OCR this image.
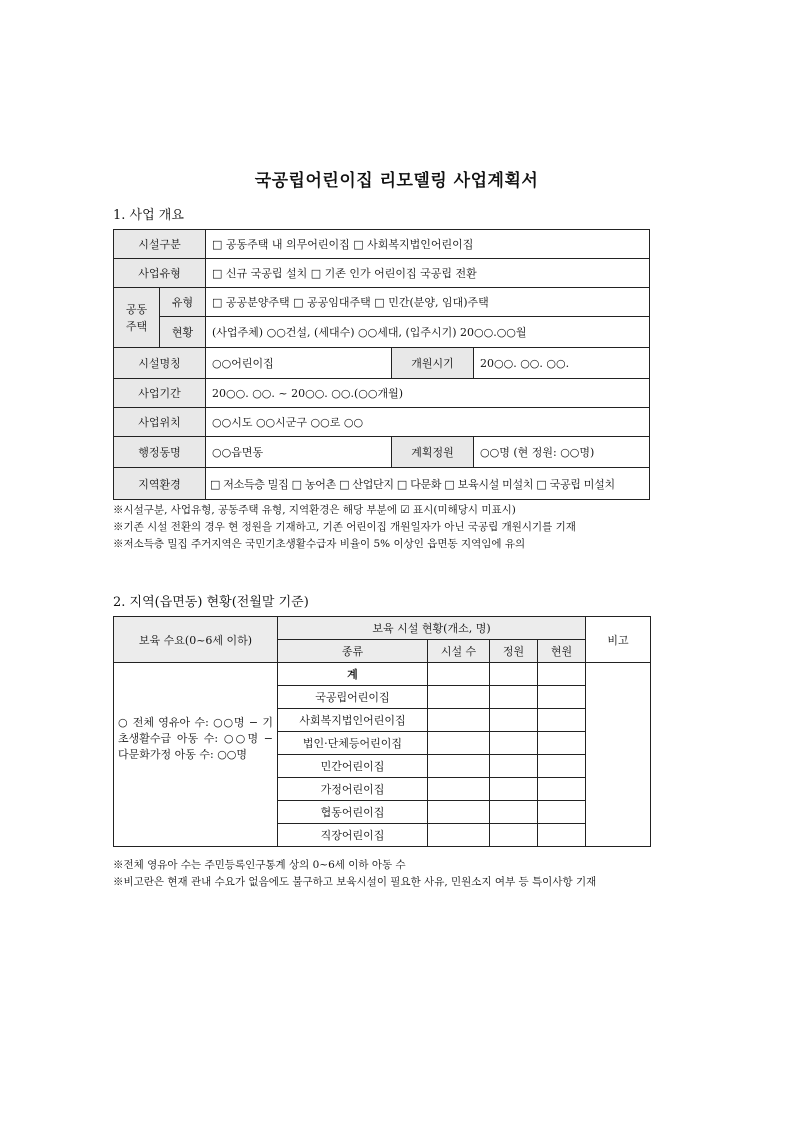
국공립어린이집 리모델링 사업계획서
1. 사업 개요
시설구분		□ 공동주택 내 의무어린이집 □ 사회복지법인어린이집		
사업유형		□ 신규 국공립 설치 □ 기존 인가 어린이집 국공립 전환		
공동
주택	유형	□ 공공분양주택 □ 공공임대주택 □ 민간(분양, 임대)주택		
	현황	(사업주체) ○○건설, (세대수) ○○세대, (입주시기) 20○○.○○월		
시설명칭		○○어린이집	개원시기	20○○. ○○. ○○.
사업기간		20○○. ○○. ~ 20○○. ○○.(○○개월)		
사업위치		○○시도 ○○시군구 ○○로 ○○		
행정동명		○○읍면동	계획정원	○○명 (현 정원: ○○명)
지역환경		□ 저소득층 밀집 □ 농어촌 □ 산업단지 □ 다문화 □ 보육시설 미설치 □ 국공립 미설치		
※시설구분, 사업유형, 공동주택 유형, 지역환경은 해당 부분에 ☑ 표시(미해당시 미표시)
※기존 시설 전환의 경우 현 정원을 기재하고, 기존 어린이집 개원일자가 아닌 국공립 개원시기를 기재
※저소득층 밀집 주거지역은 국민기초생활수급자 비율이 5% 이상인 읍면동 지역임에 유의
2. 지역(읍면동) 현황(전월말 기준)
보육 수요(0~6세 이하)	보육 시설 현황(개소, 명)				비고
	종류	시설 수	정원	현원	
○ 전체 영유아 수: ○○명 − 기초생활수급 아동 수: ○○명 − 다문화가정 아동 수: ○○명	계				
	국공립어린이집				
	사회복지법인어린이집				
	법인·단체등어린이집				
	민간어린이집				
	가정어린이집				
	협동어린이집				
	직장어린이집				
※전체 영유아 수는 주민등록인구통계 상의 0~6세 이하 아동 수
※비고란은 현재 관내 수요가 없음에도 불구하고 보육시설이 필요한 사유, 민원소지 여부 등 특이사항 기재
